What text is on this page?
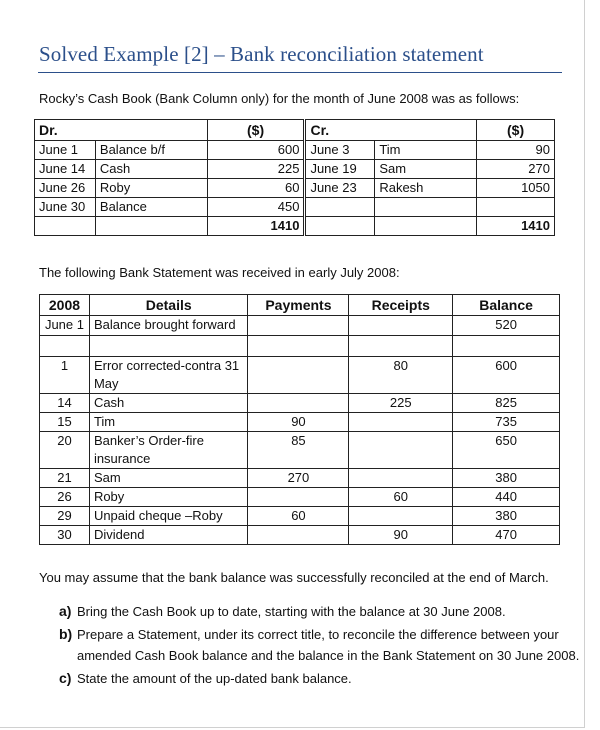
Solved Example [2] – Bank reconciliation statement

Rocky’s Cash Book (Bank Column only) for the month of June 2008 was as follows:

Dr.		($)	Cr.		($)
June 1	Balance b/f	600	June 3	Tim	90
June 14	Cash	225	June 19	Sam	270
June 26	Roby	60	June 23	Rakesh	1050
June 30	Balance	450			
		1410			1410

The following Bank Statement was received in early July 2008:

2008	Details	Payments	Receipts	Balance
June 1	Balance brought forward			520

1	Error corrected-contra 31 May		80	600
14	Cash		225	825
15	Tim	90		735
20	Banker’s Order-fire insurance	85		650
21	Sam	270		380
26	Roby		60	440
29	Unpaid cheque –Roby	60		380
30	Dividend		90	470

You may assume that the bank balance was successfully reconciled at the end of March.

a) Bring the Cash Book up to date, starting with the balance at 30 June 2008.
b) Prepare a Statement, under its correct title, to reconcile the difference between your
amended Cash Book balance and the balance in the Bank Statement on 30 June 2008.
c) State the amount of the up-dated bank balance.
